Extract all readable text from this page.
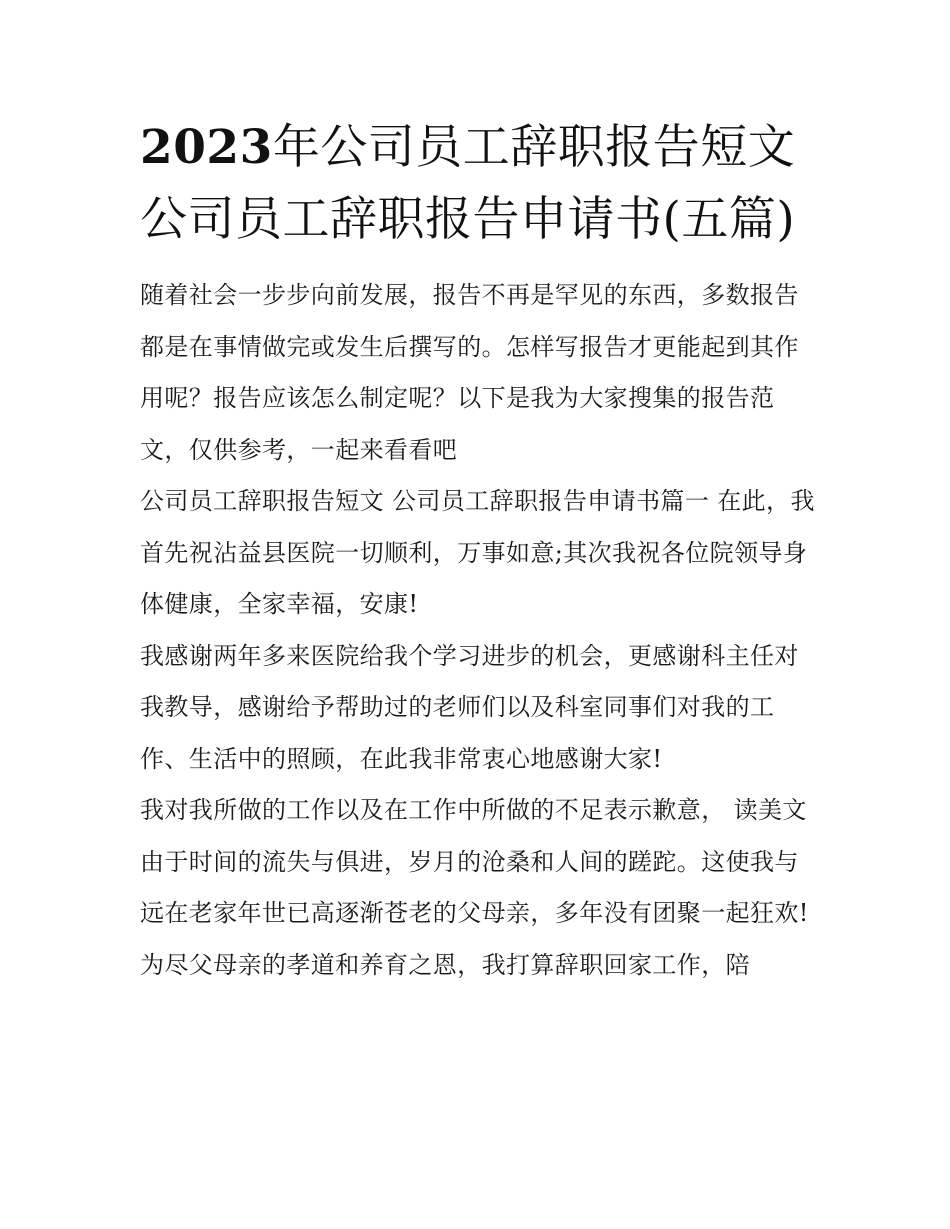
2023年公司员工辞职报告短文公司员工辞职报告申请书(五篇)

随着社会一步步向前发展，报告不再是罕见的东西，多数报告都是在事情做完或发生后撰写的。怎样写报告才更能起到其作用呢？报告应该怎么制定呢？以下是我为大家搜集的报告范文，仅供参考，一起来看看吧

公司员工辞职报告短文 公司员工辞职报告申请书篇一 在此，我首先祝沾益县医院一切顺利，万事如意;其次我祝各位院领导身体健康，全家幸福，安康!

我感谢两年多来医院给我个学习进步的机会，更感谢科主任对我教导，感谢给予帮助过的老师们以及科室同事们对我的工作、生活中的照顾，在此我非常衷心地感谢大家!

我对我所做的工作以及在工作中所做的不足表示歉意， 读美文

由于时间的流失与俱进，岁月的沧桑和人间的蹉跎。这使我与远在老家年世已高逐渐苍老的父母亲，多年没有团聚一起狂欢!为尽父母亲的孝道和养育之恩，我打算辞职回家工作，陪
